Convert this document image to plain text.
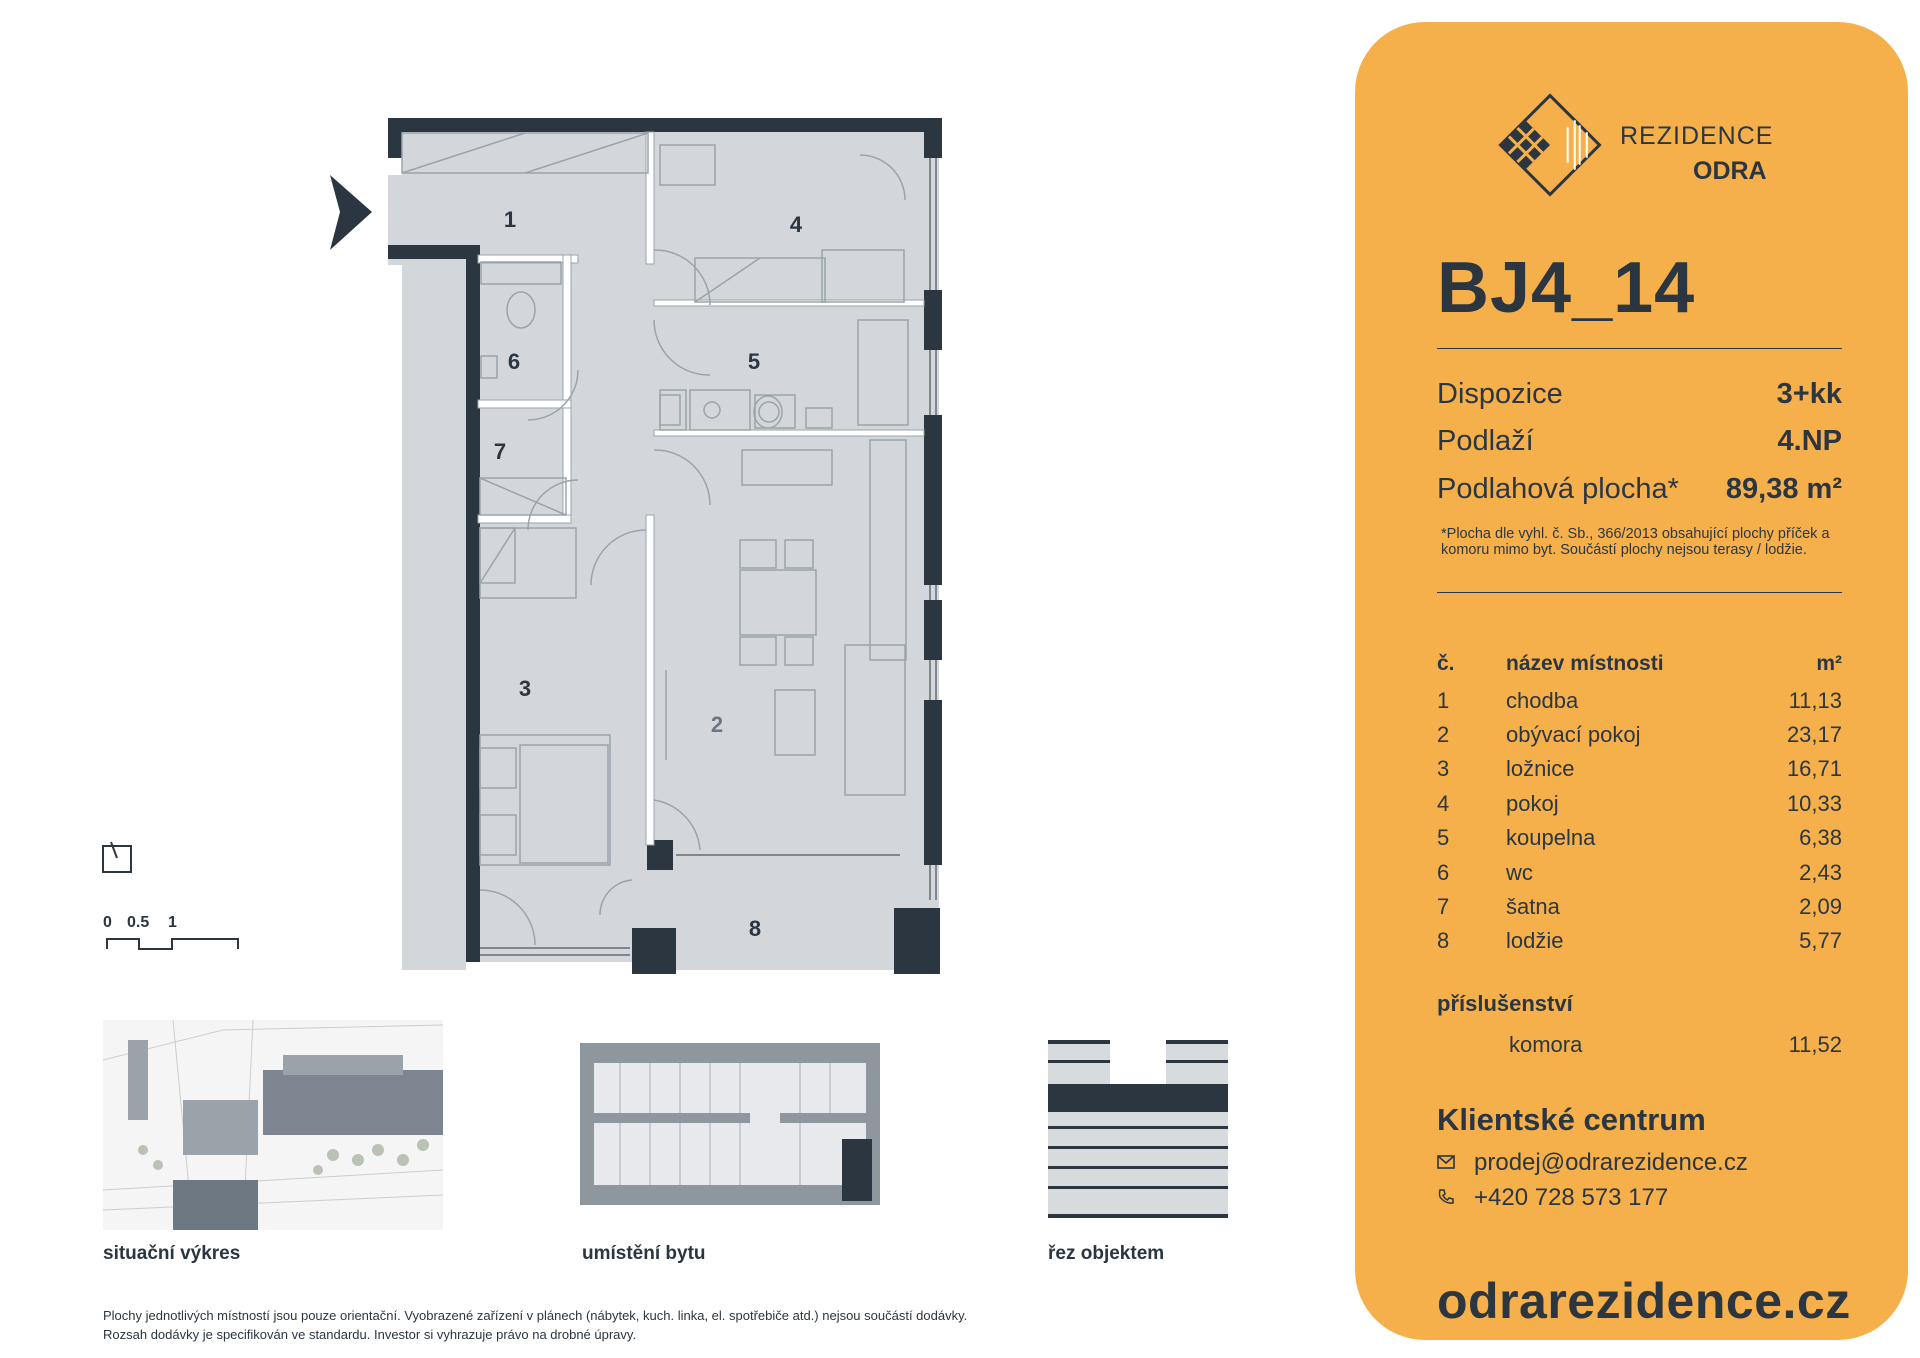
1
2
3
4
5
6
7
8
0 0.5 1
situační výkres	umístění bytu	řez objektem
Plochy jednotlivých místností jsou pouze orientační. Vyobrazené zařízení v plánech (nábytek, kuch. linka, el. spotřebiče atd.) nejsou součástí dodávky. Rozsah dodávky je specifikován ve standardu. Investor si vyhrazuje právo na drobné úpravy.
REZIDENCE
ODRA
BJ4_14
Dispozice	3+kk
Podlaží	4.NP
Podlahová plocha* 89,38 m²
*Plocha dle vyhl. č. Sb., 366/2013 obsahující plochy příček a komoru mimo byt. Součástí plochy nejsou terasy / lodžie.
č. název místnosti	m²
1	chodba	11,13
2	obývací pokoj	23,17
3	ložnice	16,71
4	pokoj	10,33
5	koupelna	6,38
6	wc	2,43
7	šatna	2,09
8	lodžie	5,77
příslušenství
komora	11,52
Klientské centrum
prodej@odrarezidence.cz
+420 728 573 177
odrarezidence.cz
